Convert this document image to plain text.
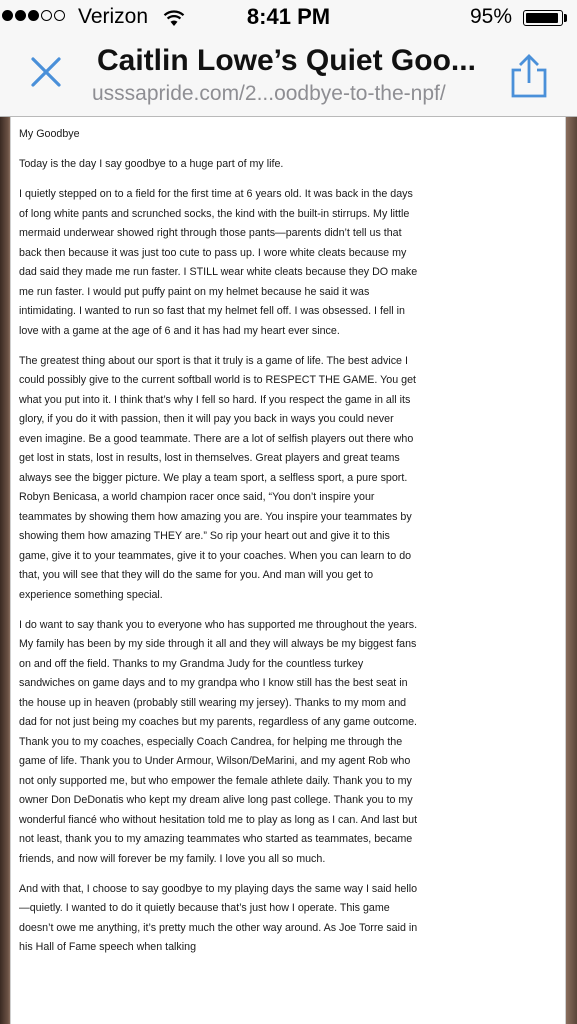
Verizon	8:41 PM	95%
Caitlin Lowe’s Quiet Goo...
usssapride.com/2...oodbye-to-the-npf/

My Goodbye

Today is the day I say goodbye to a huge part of my life.

I quietly stepped on to a field for the first time at 6 years old. It was back in the days of long white pants and scrunched socks, the kind with the built-in stirrups. My little mermaid underwear showed right through those pants—parents didn’t tell us that back then because it was just too cute to pass up. I wore white cleats because my dad said they made me run faster. I STILL wear white cleats because they DO make me run faster. I would put puffy paint on my helmet because he said it was intimidating. I wanted to run so fast that my helmet fell off. I was obsessed. I fell in love with a game at the age of 6 and it has had my heart ever since.

The greatest thing about our sport is that it truly is a game of life. The best advice I could possibly give to the current softball world is to RESPECT THE GAME. You get what you put into it. I think that’s why I fell so hard. If you respect the game in all its glory, if you do it with passion, then it will pay you back in ways you could never even imagine. Be a good teammate. There are a lot of selfish players out there who get lost in stats, lost in results, lost in themselves. Great players and great teams always see the bigger picture. We play a team sport, a selfless sport, a pure sport. Robyn Benicasa, a world champion racer once said, “You don’t inspire your teammates by showing them how amazing you are. You inspire your teammates by showing them how amazing THEY are.” So rip your heart out and give it to this game, give it to your teammates, give it to your coaches. When you can learn to do that, you will see that they will do the same for you. And man will you get to experience something special.

I do want to say thank you to everyone who has supported me throughout the years. My family has been by my side through it all and they will always be my biggest fans on and off the field. Thanks to my Grandma Judy for the countless turkey sandwiches on game days and to my grandpa who I know still has the best seat in the house up in heaven (probably still wearing my jersey). Thanks to my mom and dad for not just being my coaches but my parents, regardless of any game outcome. Thank you to my coaches, especially Coach Candrea, for helping me through the game of life. Thank you to Under Armour, Wilson/DeMarini, and my agent Rob who not only supported me, but who empower the female athlete daily. Thank you to my owner Don DeDonatis who kept my dream alive long past college. Thank you to my wonderful fiancé who without hesitation told me to play as long as I can. And last but not least, thank you to my amazing teammates who started as teammates, became friends, and now will forever be my family. I love you all so much.

And with that, I choose to say goodbye to my playing days the same way I said hello—quietly. I wanted to do it quietly because that’s just how I operate. This game doesn’t owe me anything, it’s pretty much the other way around. As Joe Torre said in his Hall of Fame speech when talking
